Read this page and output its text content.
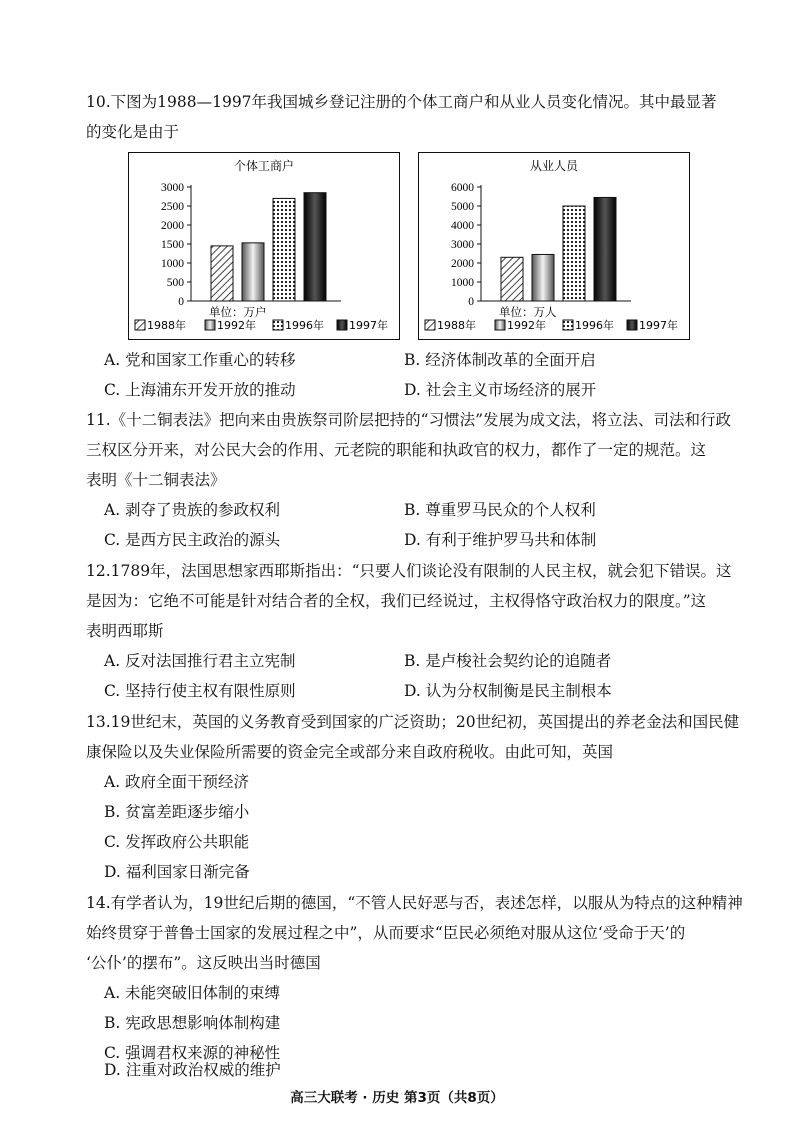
10.下图为1988—1997年我国城乡登记注册的个体工商户和从业人员变化情况。其中最显著
的变化是由于
个体工商户
0
500
1000
1500
2000
2500
3000
单位：万户
1988年	1992年	1996年 1997年
从业人员
0
1000
2000
3000
4000
5000
6000
单位：万人
1988年	1992年	1996年 1997年
A. 党和国家工作重心的转移	B. 经济体制改革的全面开启
C. 上海浦东开发开放的推动	D. 社会主义市场经济的展开
11.《十二铜表法》把向来由贵族祭司阶层把持的“习惯法”发展为成文法，将立法、司法和行政
三权区分开来，对公民大会的作用、元老院的职能和执政官的权力，都作了一定的规范。这
表明《十二铜表法》
A. 剥夺了贵族的参政权利	B. 尊重罗马民众的个人权利
C. 是西方民主政治的源头	D. 有利于维护罗马共和体制
12.1789年，法国思想家西耶斯指出：“只要人们谈论没有限制的人民主权，就会犯下错误。这
是因为：它绝不可能是针对结合者的全权，我们已经说过，主权得恪守政治权力的限度。”这
表明西耶斯
A. 反对法国推行君主立宪制	B. 是卢梭社会契约论的追随者
C. 坚持行使主权有限性原则	D. 认为分权制衡是民主制根本
13.19世纪末，英国的义务教育受到国家的广泛资助；20世纪初，英国提出的养老金法和国民健
康保险以及失业保险所需要的资金完全或部分来自政府税收。由此可知，英国
A. 政府全面干预经济
B. 贫富差距逐步缩小
C. 发挥政府公共职能
D. 福利国家日渐完备
14.有学者认为，19世纪后期的德国，“不管人民好恶与否，表述怎样，以服从为特点的这种精神
始终贯穿于普鲁士国家的发展过程之中”，从而要求“臣民必须绝对服从这位‘受命于天’的
‘公仆’的摆布”。这反映出当时德国
A. 未能突破旧体制的束缚
B. 宪政思想影响体制构建
C. 强调君权来源的神秘性
D. 注重对政治权威的维护
高三大联考 · 历史 第3页（共8页）
